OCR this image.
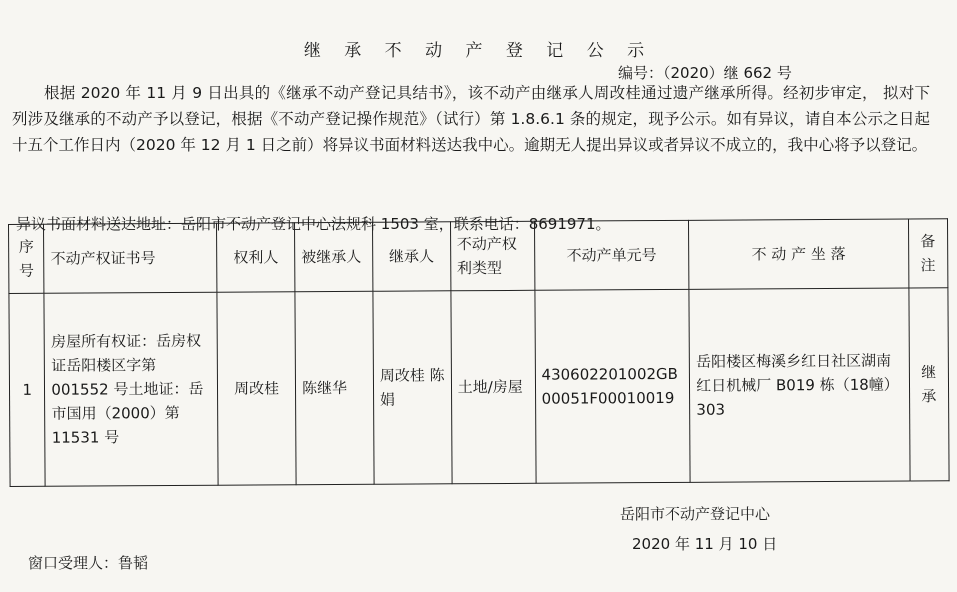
继 承 不 动 产 登 记 公 示
编号：（2020）继 662 号

根据 2020 年 11 月 9 日出具的《继承不动产登记具结书》，该不动产由继承人周改桂通过遗产继承所得。经初步审定， 拟对下列涉及继承的不动产予以登记，根据《不动产登记操作规范》（试行）第 1.8.6.1 条的规定，现予公示。如有异议，请自本公示之日起十五个工作日内（2020 年 12 月 1 日之前）将异议书面材料送达我中心。逾期无人提出异议或者异议不成立的，我中心将予以登记。

异议书面材料送达地址：岳阳市不动产登记中心法规科 1503 室，联系电话：8691971。
序号	不动产权证书号	权利人	被继承人	继承人	不动产权利类型	不动产单元号	不 动 产 坐 落	备注
1	房屋所有权证：岳房权证岳阳楼区字第 001552 号土地证：岳市国用（2000）第 11531 号	周改桂	陈继华	周改桂 陈娟	土地/房屋	430602201002GB00051F00010019	岳阳楼区梅溪乡红日社区湖南红日机械厂 B019 栋（18幢）303	继承
岳阳市不动产登记中心
2020 年 11 月 10 日
窗口受理人：鲁韬
